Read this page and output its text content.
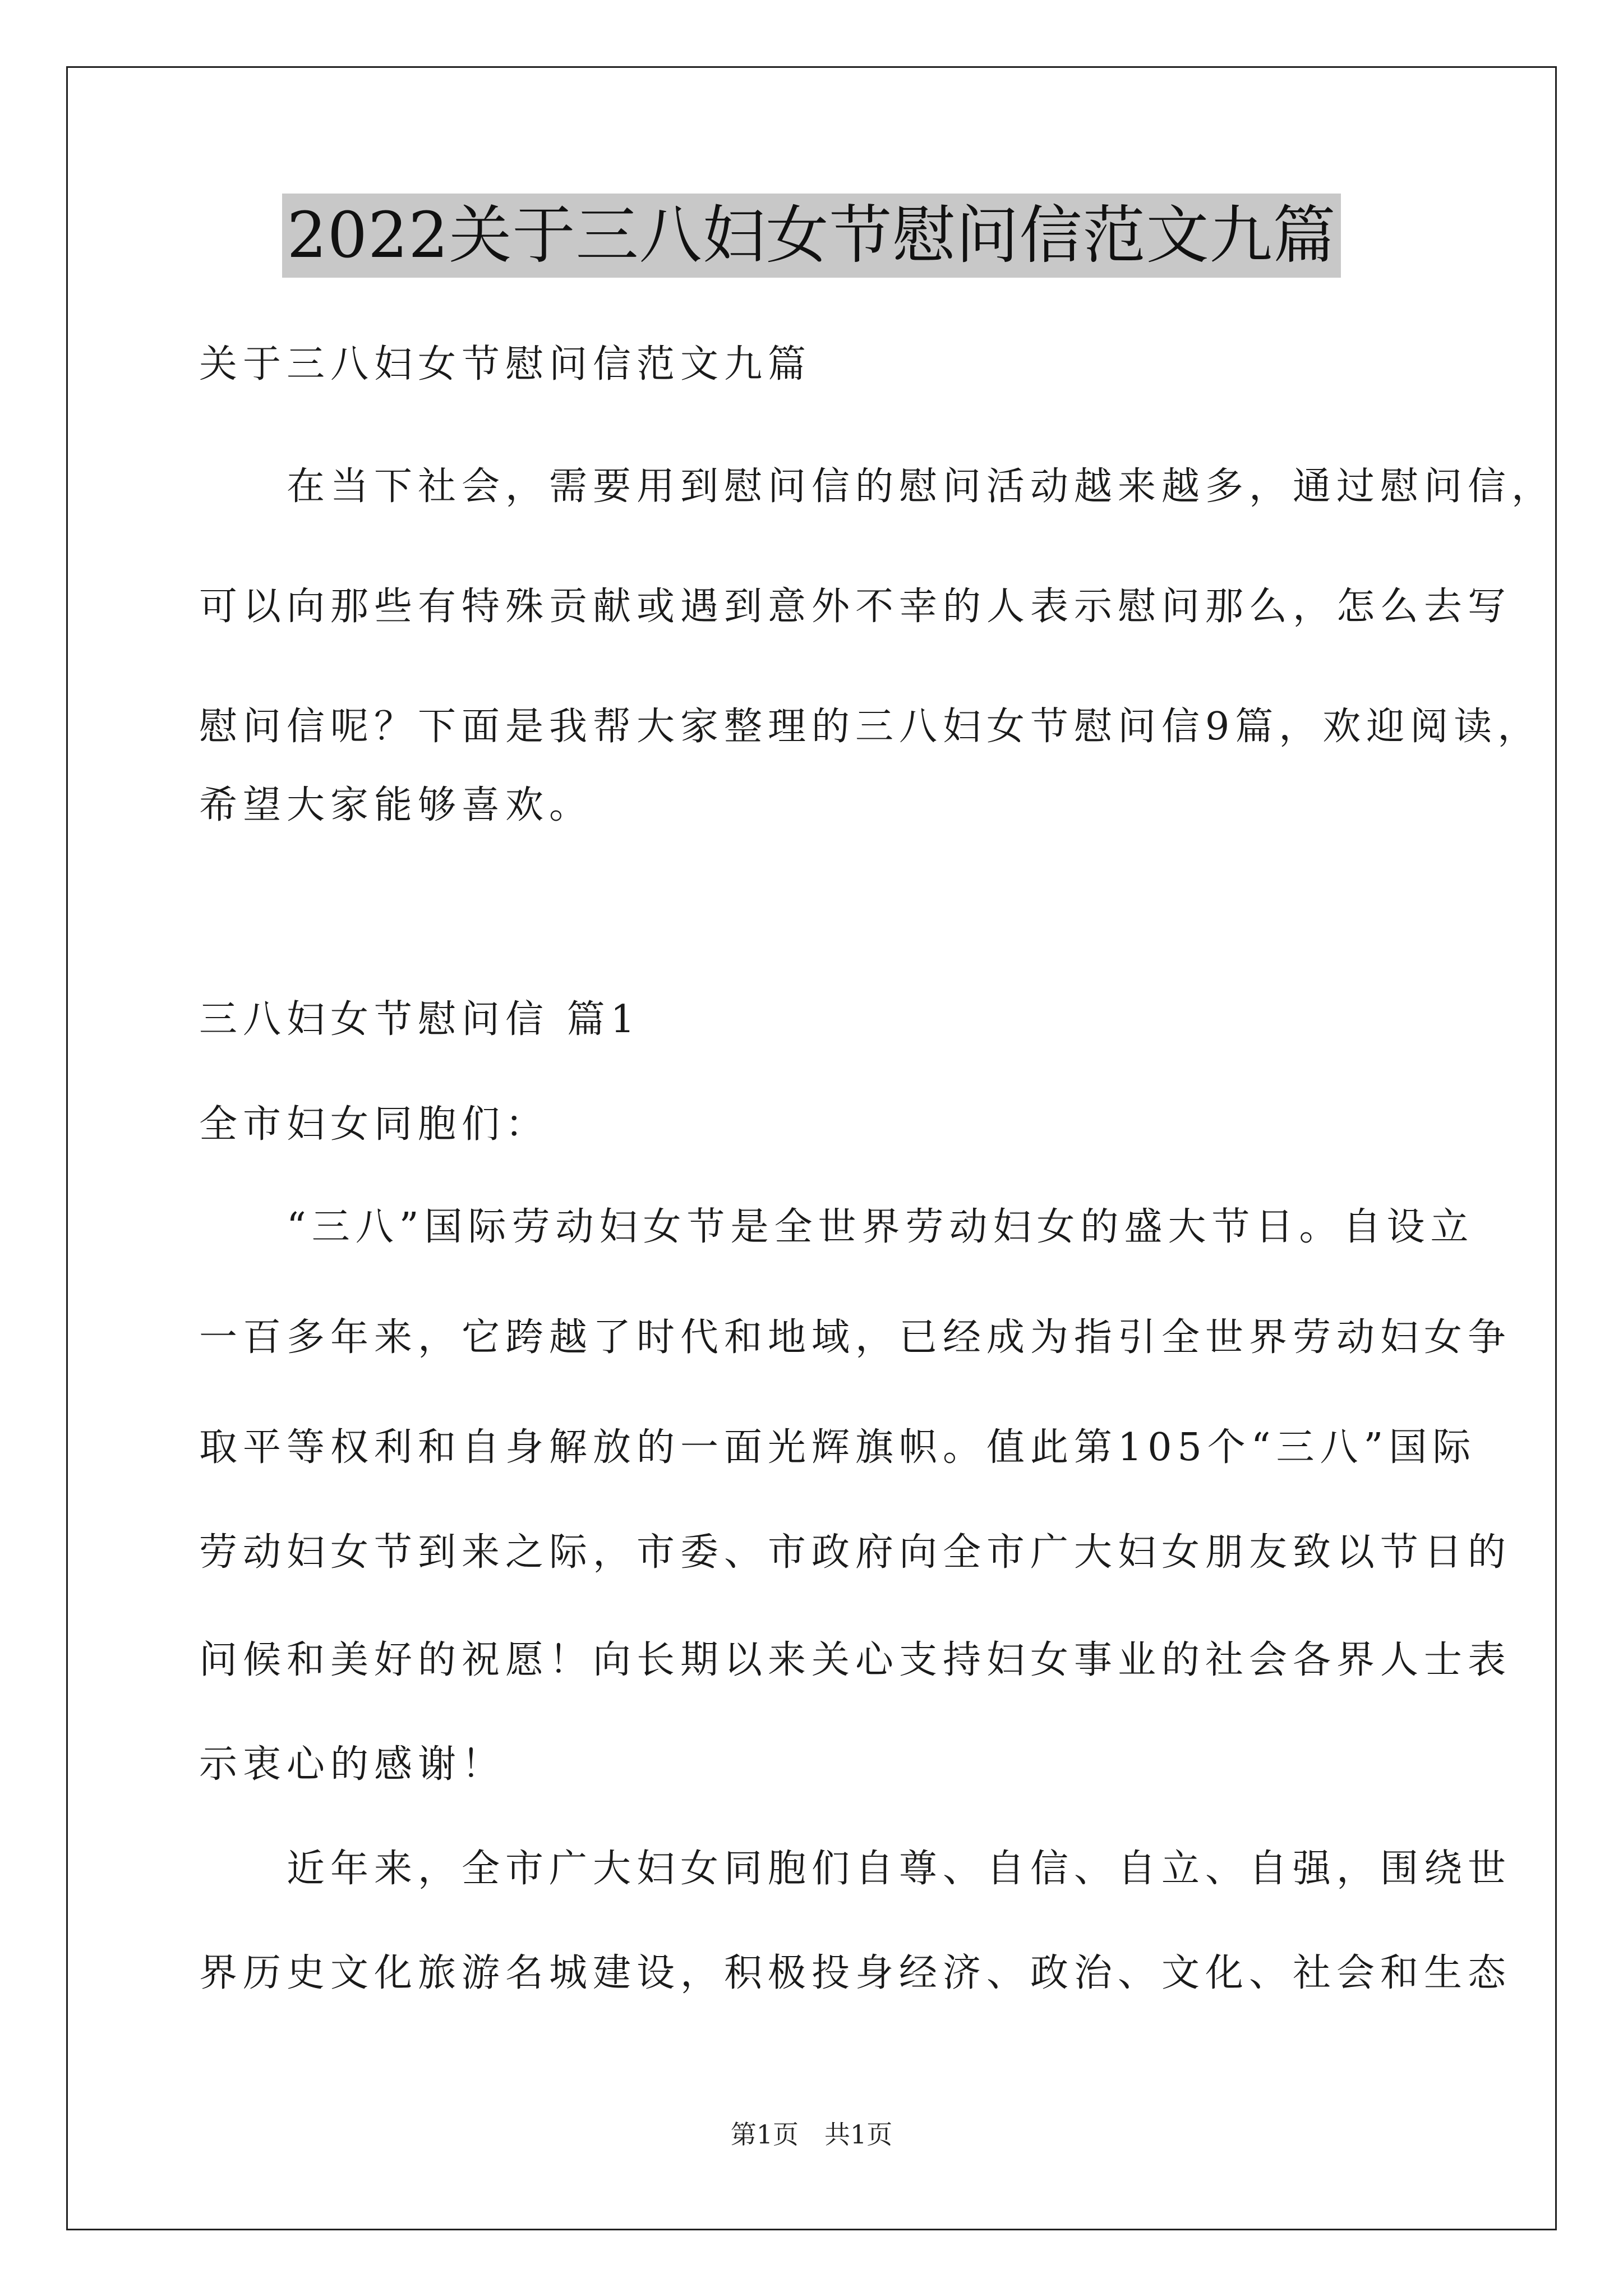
2022关于三八妇女节慰问信范文九篇
关于三八妇女节慰问信范文九篇
　　在当下社会，需要用到慰问信的慰问活动越来越多，通过慰问信，
可以向那些有特殊贡献或遇到意外不幸的人表示慰问那么，怎么去写
慰问信呢？下面是我帮大家整理的三八妇女节慰问信9篇，欢迎阅读，
希望大家能够喜欢。
三八妇女节慰问信 篇1
全市妇女同胞们：
　　“三八”国际劳动妇女节是全世界劳动妇女的盛大节日。自设立
一百多年来，它跨越了时代和地域，已经成为指引全世界劳动妇女争
取平等权利和自身解放的一面光辉旗帜。值此第105个“三八”国际
劳动妇女节到来之际，市委、市政府向全市广大妇女朋友致以节日的
问候和美好的祝愿！向长期以来关心支持妇女事业的社会各界人士表
示衷心的感谢！
　　近年来，全市广大妇女同胞们自尊、自信、自立、自强，围绕世
界历史文化旅游名城建设，积极投身经济、政治、文化、社会和生态
第1页　共1页
